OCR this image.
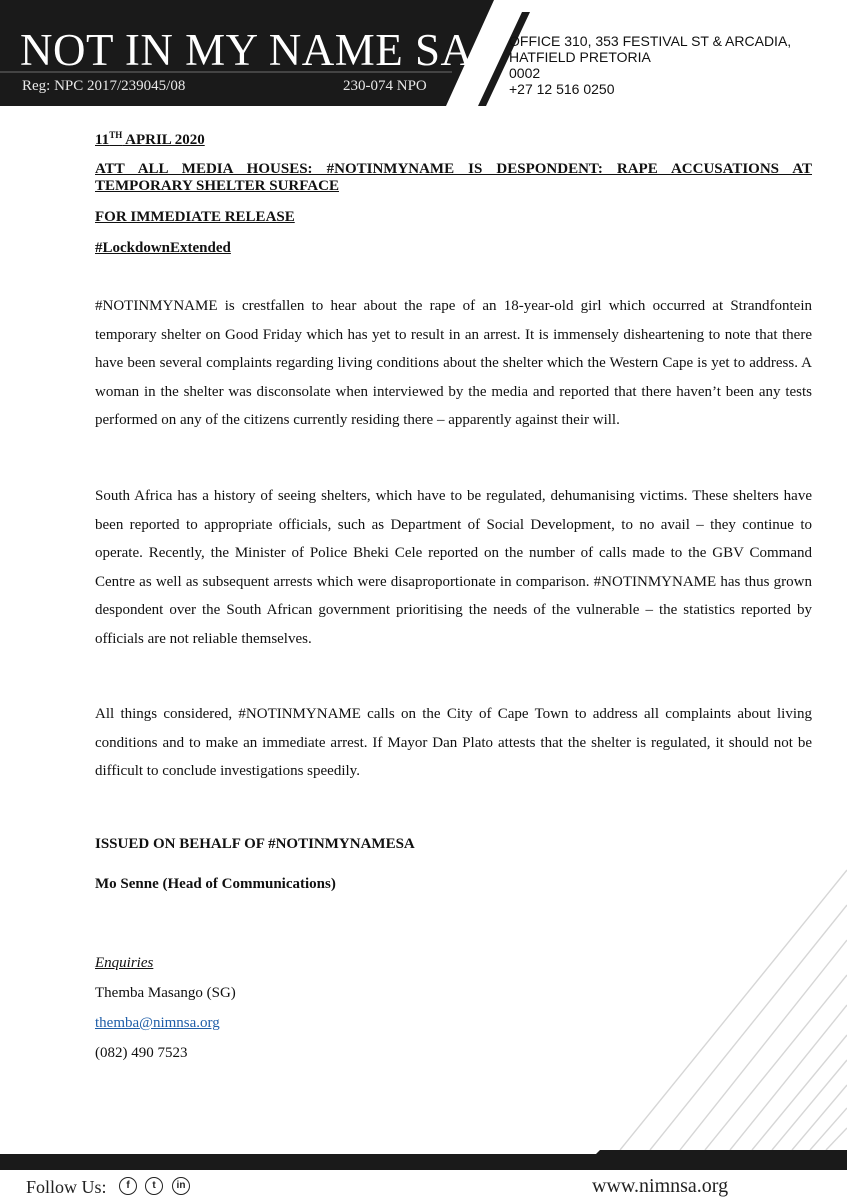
NOT IN MY NAME SA
Reg: NPC 2017/239045/08	230-074 NPO
OFFICE 310, 353 FESTIVAL ST & ARCADIA,
HATFIELD PRETORIA
0002
+27 12 516 0250
11TH APRIL 2020
ATT ALL MEDIA HOUSES: #NOTINMYNAME IS DESPONDENT: RAPE ACCUSATIONS AT
TEMPORARY SHELTER SURFACE
FOR IMMEDIATE RELEASE
#LockdownExtended
#NOTINMYNAME is crestfallen to hear about the rape of an 18-year-old girl which occurred at Strandfontein temporary shelter on Good Friday which has yet to result in an arrest. It is immensely disheartening to note that there have been several complaints regarding living conditions about the shelter which the Western Cape is yet to address. A woman in the shelter was disconsolate when interviewed by the media and reported that there haven’t been any tests performed on any of the citizens currently residing there – apparently against their will.
South Africa has a history of seeing shelters, which have to be regulated, dehumanising victims. These shelters have been reported to appropriate officials, such as Department of Social Development, to no avail – they continue to operate. Recently, the Minister of Police Bheki Cele reported on the number of calls made to the GBV Command Centre as well as subsequent arrests which were disaproportionate in comparison. #NOTINMYNAME has thus grown despondent over the South African government prioritising the needs of the vulnerable – the statistics reported by officials are not reliable themselves.
All things considered, #NOTINMYNAME calls on the City of Cape Town to address all complaints about living conditions and to make an immediate arrest. If Mayor Dan Plato attests that the shelter is regulated, it should not be difficult to conclude investigations speedily.
ISSUED ON BEHALF OF #NOTINMYNAMESA
Mo Senne (Head of Communications)
Enquiries
Themba Masango (SG)
themba@nimnsa.org
(082) 490 7523
Follow Us:	f	t	in	www.nimnsa.org
